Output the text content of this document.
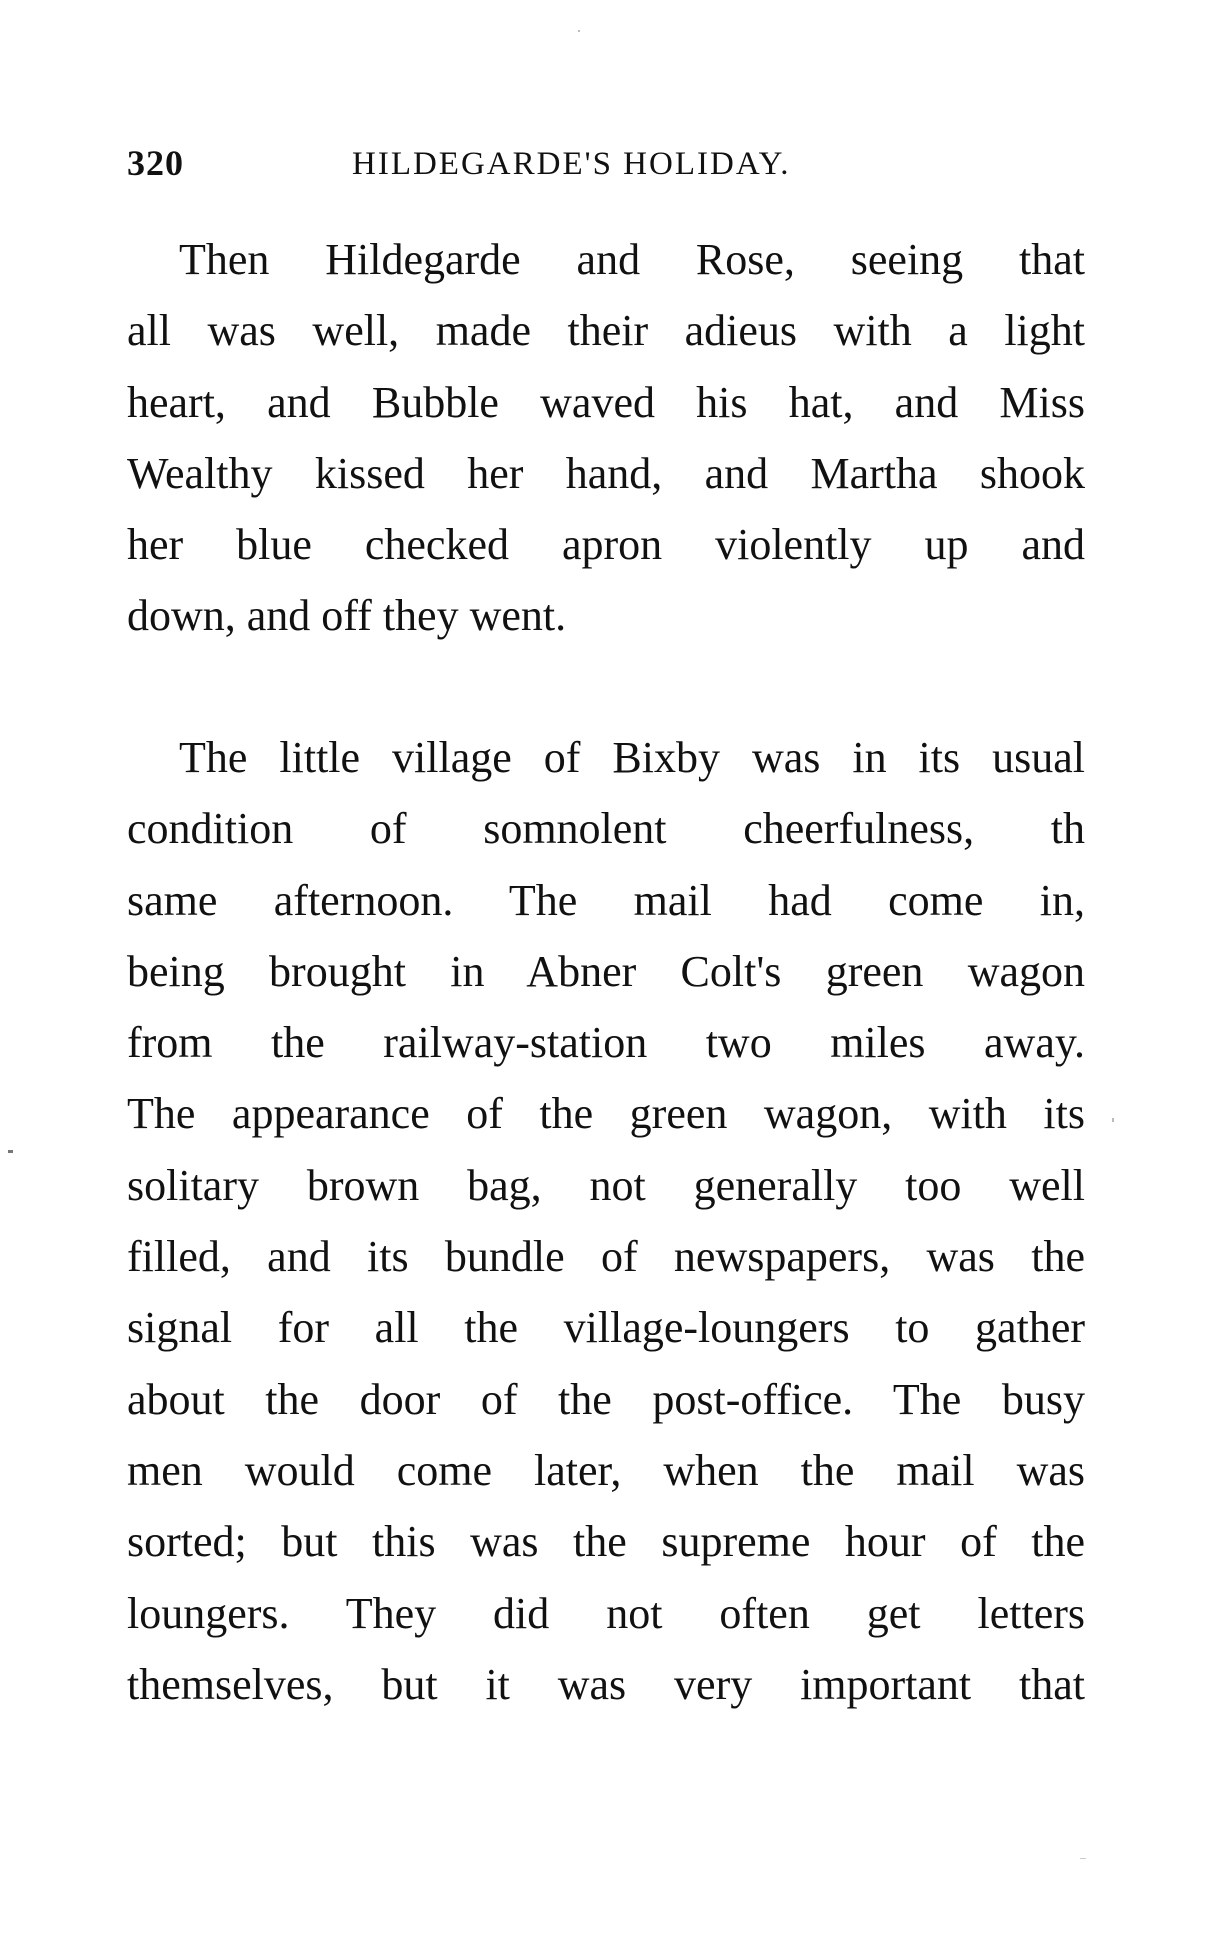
320	HILDEGARDE'S HOLIDAY.
Then Hildegarde and Rose, seeing that
all was well, made their adieus with a light
heart, and Bubble waved his hat, and Miss
Wealthy kissed her hand, and Martha shook
her blue checked apron violently up and
down, and off they went.
The little village of Bixby was in its usual
condition of somnolent cheerfulness, th
same afternoon. The mail had come in,
being brought in Abner Colt's green wagon
from the railway-station two miles away.
The appearance of the green wagon, with its
solitary brown bag, not generally too well
filled, and its bundle of newspapers, was the
signal for all the village-loungers to gather
about the door of the post-office. The busy
men would come later, when the mail was
sorted; but this was the supreme hour of the
loungers. They did not often get letters
themselves, but it was very important that
